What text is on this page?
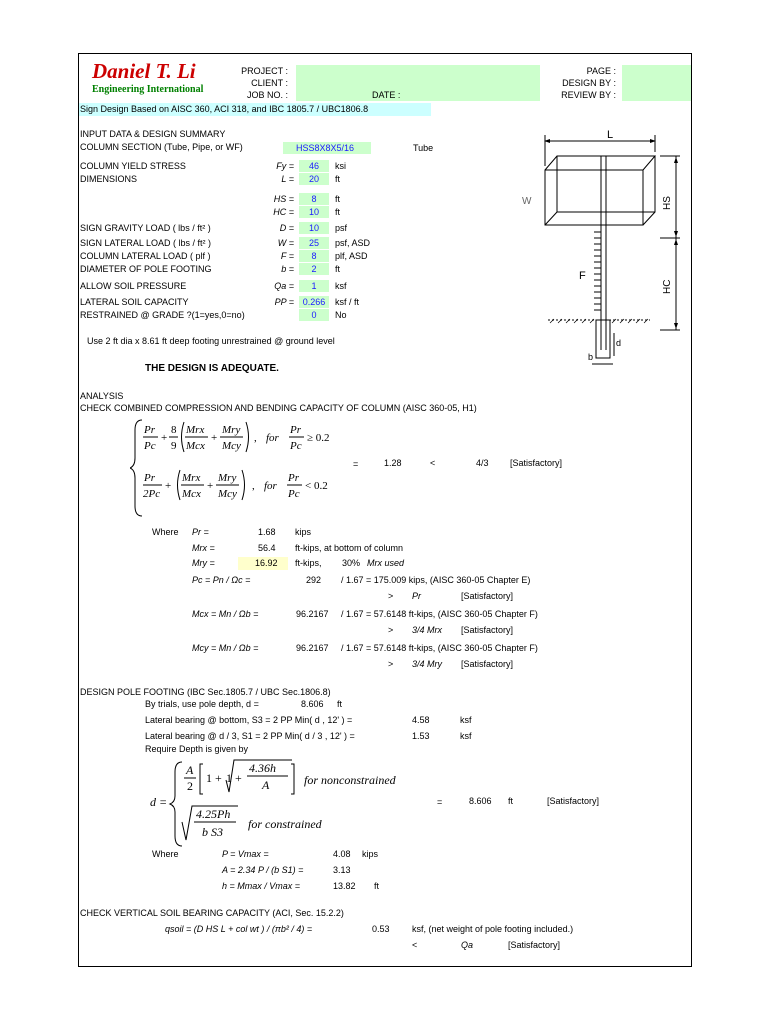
Daniel T. Li
Engineering International
PROJECT :
CLIENT :
JOB NO. :	DATE :
PAGE :
DESIGN BY :
REVIEW BY :
Sign Design Based on AISC 360, ACI 318, and IBC 1805.7 / UBC1806.8
INPUT DATA & DESIGN SUMMARY
COLUMN SECTION (Tube, Pipe, or WF)	HSS8X8X5/16	Tube
COLUMN YIELD STRESS	Fy =	46	ksi
DIMENSIONS	L =	20	ft
HS =	8	ft
HC =	10	ft
SIGN GRAVITY LOAD ( lbs / ft² )	D =	10	psf
SIGN LATERAL LOAD ( lbs / ft² )	W =	25	psf, ASD
COLUMN LATERAL LOAD ( plf )	F =	8	plf, ASD
DIAMETER OF POLE FOOTING	b =	2	ft
ALLOW SOIL PRESSURE	Qa =	1	ksf
LATERAL SOIL CAPACITY	PP = 0.266	ksf / ft
RESTRAINED @ GRADE ?(1=yes,0=no)	0	No
Use 2 ft dia x 8.61 ft deep footing unrestrained @ ground level
THE DESIGN IS ADEQUATE.
L
W
F
HS
HC
b
d
ANALYSIS
CHECK COMBINED COMPRESSION AND BENDING CAPACITY OF COLUMN (AISC 360-05, H1)
Pr
Pc
+
8
9
Mrx
Mcx
+
Mry
Mcy
, for
Pr
Pc
≥ 0.2
Pr
2Pc
+
Mrx
Mcx
+
Mry
Mcy
, for
Pr
Pc
< 0.2
=	1.28	<	4/3 [Satisfactory]
Where Pr =	1.68 kips
Mrx =	56.4 ft-kips, at bottom of column
Mry =	16.92 ft-kips, 30% Mrx used
Pc = Pn / Ωc =	292 / 1.67 = 175.009 kips, (AISC 360-05 Chapter E)
> Pr	[Satisfactory]
Mcx = Mn / Ωb =	96.2167 / 1.67 = 57.6148 ft-kips, (AISC 360-05 Chapter F)
> 3/4 Mrx [Satisfactory]
Mcy = Mn / Ωb =	96.2167 / 1.67 = 57.6148 ft-kips, (AISC 360-05 Chapter F)
> 3/4 Mry [Satisfactory]
DESIGN POLE FOOTING (IBC Sec.1805.7 / UBC Sec.1806.8)
By trials, use pole depth, d =	8.606 ft
Lateral bearing @ bottom, S3 = 2 PP Min( d , 12' ) =	4.58	ksf
Lateral bearing @ d / 3, S1 = 2 PP Min( d / 3 , 12' ) =	1.53	ksf
Require Depth is given by
d =
A
2
1 + 1 +
4.36h
A	for nonconstrained
4.25Ph
b S3
for constrained
=	8.606 ft	[Satisfactory]
Where	P = Vmax =	4.08 kips
A = 2.34 P / (b S1) =	3.13
h = Mmax / Vmax =	13.82 ft
CHECK VERTICAL SOIL BEARING CAPACITY (ACI, Sec. 15.2.2)
qsoil = (D HS L + col wt ) / (πb² / 4) =	0.53 ksf, (net weight of pole footing included.)
<	Qa	[Satisfactory]
